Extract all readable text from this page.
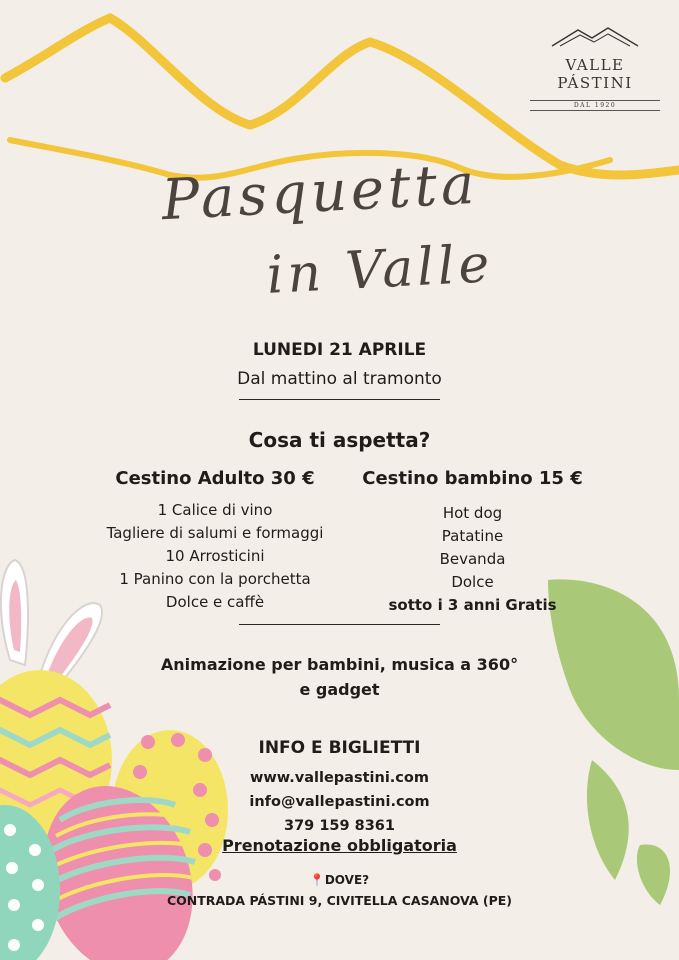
VALLE PÁSTINI
DAL 1920
Pasquetta
in Valle
LUNEDI 21 APRILE
Dal mattino al tramonto
Cosa ti aspetta?
Cestino Adulto 30 €
1 Calice di vino
Tagliere di salumi e formaggi
10 Arrosticini
1 Panino con la porchetta
Dolce e caffè
Cestino bambino 15 €
Hot dog
Patatine
Bevanda
Dolce
sotto i 3 anni Gratis
Animazione per bambini, musica a 360°
e gadget
INFO E BIGLIETTI
www.vallepastini.com
info@vallepastini.com
379 159 8361
Prenotazione obbligatoria
📍DOVE?
CONTRADA PÁSTINI 9, CIVITELLA CASANOVA (PE)
